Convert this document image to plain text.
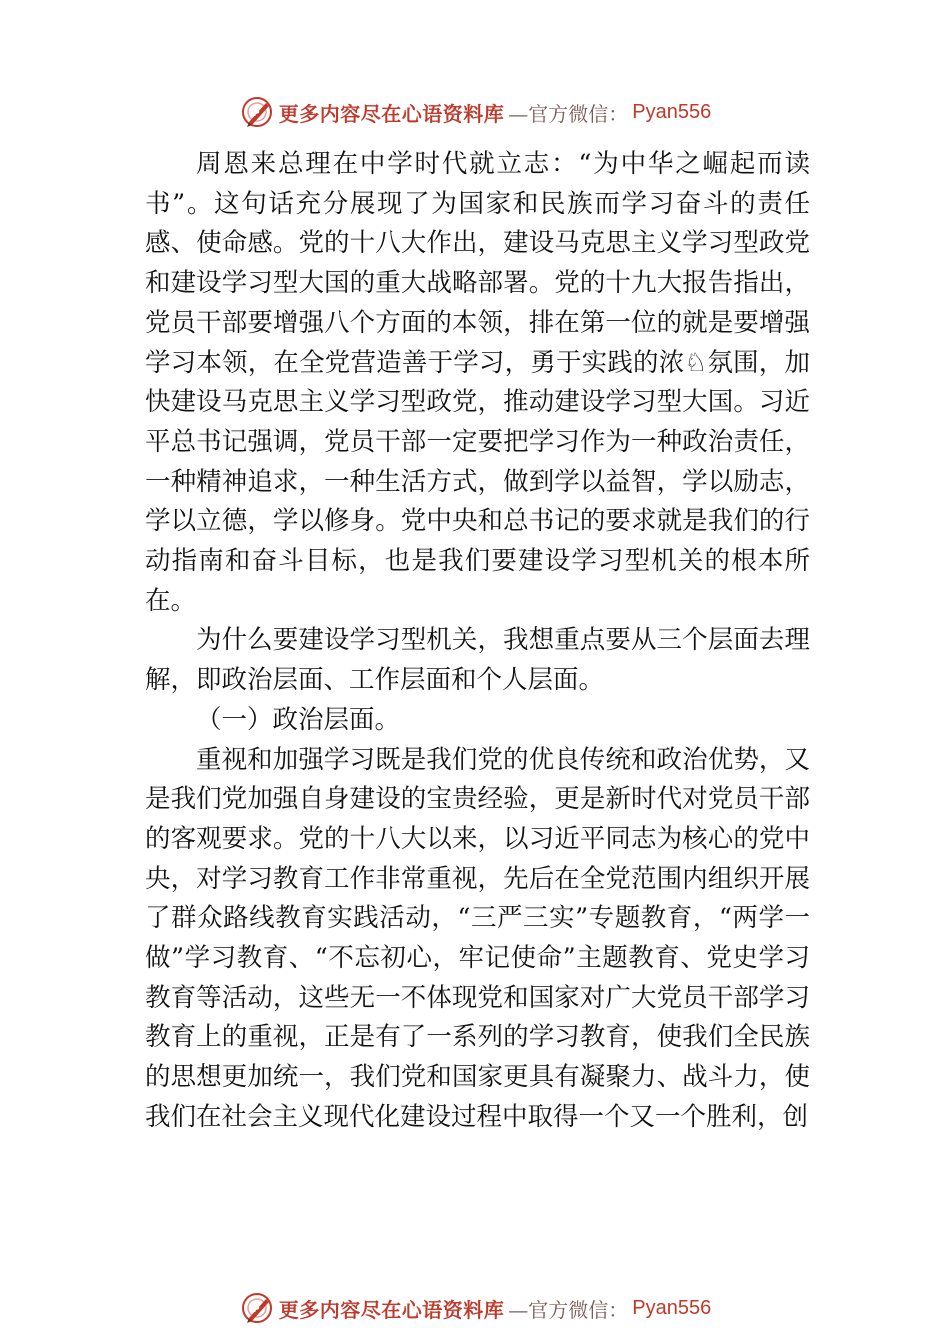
P 更多内容尽在心语资料库 —官方微信： Pyan556

周恩来总理在中学时代就立志：“为中华之崛起而读书”。这句话充分展现了为国家和民族而学习奋斗的责任感、使命感。党的十八大作出，建设马克思主义学习型政党和建设学习型大国的重大战略部署。党的十九大报告指出，党员干部要增强八个方面的本领，排在第一位的就是要增强学习本领，在全党营造善于学习，勇于实践的浓♘氛围，加快建设马克思主义学习型政党，推动建设学习型大国。习近平总书记强调，党员干部一定要把学习作为一种政治责任，一种精神追求，一种生活方式，做到学以益智，学以励志，学以立德，学以修身。党中央和总书记的要求就是我们的行动指南和奋斗目标，也是我们要建设学习型机关的根本所在。

为什么要建设学习型机关，我想重点要从三个层面去理解，即政治层面、工作层面和个人层面。

（一）政治层面。

重视和加强学习既是我们党的优良传统和政治优势，又是我们党加强自身建设的宝贵经验，更是新时代对党员干部的客观要求。党的十八大以来，以习近平同志为核心的党中央，对学习教育工作非常重视，先后在全党范围内组织开展了群众路线教育实践活动，“三严三实”专题教育，“两学一做”学习教育、“不忘初心，牢记使命”主题教育、党史学习教育等活动，这些无一不体现党和国家对广大党员干部学习教育上的重视，正是有了一系列的学习教育，使我们全民族的思想更加统一，我们党和国家更具有凝聚力、战斗力，使我们在社会主义现代化建设过程中取得一个又一个胜利，创

P 更多内容尽在心语资料库 —官方微信： Pyan556
